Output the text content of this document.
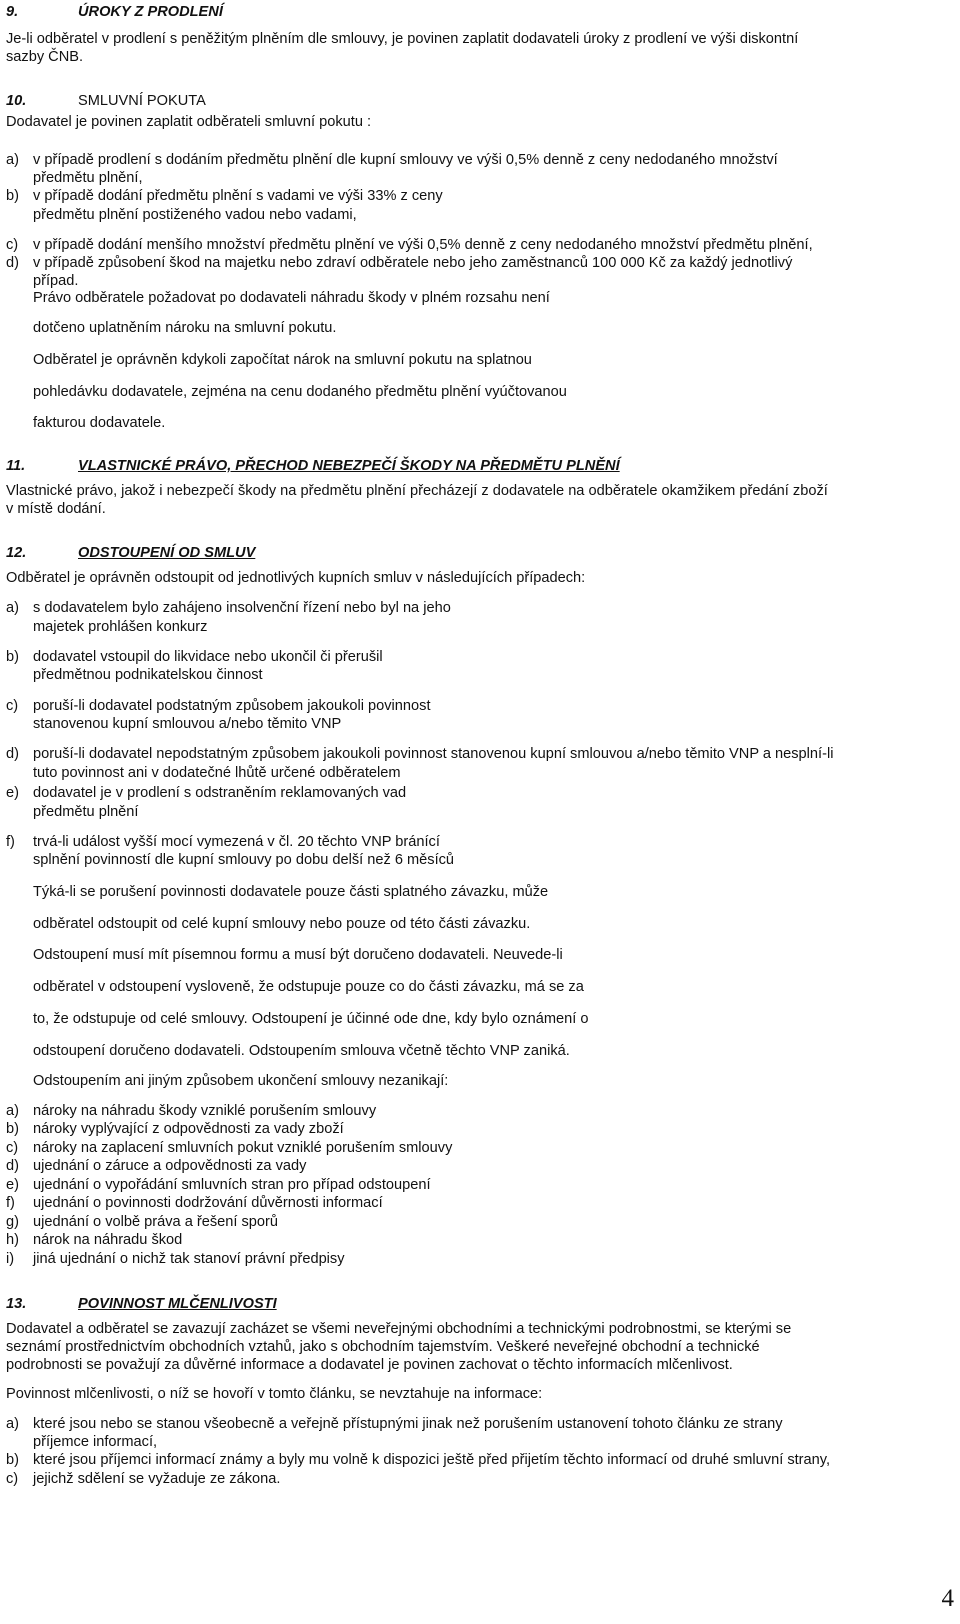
9.	ÚROKY Z PRODLENÍ
Je-li odběratel v prodlení s peněžitým plněním dle smlouvy, je povinen zaplatit dodavateli úroky z prodlení ve výši diskontní
sazby ČNB.
10.	SMLUVNÍ POKUTA
Dodavatel je povinen zaplatit odběrateli smluvní pokutu :
a) v případě prodlení s dodáním předmětu plnění dle kupní smlouvy ve výši 0,5% denně z ceny nedodaného množství
předmětu plnění,
b) v případě dodání předmětu plnění s vadami ve výši 33% z ceny
předmětu plnění postiženého vadou nebo vadami,
c) v případě dodání menšího množství předmětu plnění ve výši 0,5% denně z ceny nedodaného množství předmětu plnění,
d) v případě způsobení škod na majetku nebo zdraví odběratele nebo jeho zaměstnanců 100 000 Kč za každý jednotlivý
případ.
Právo odběratele požadovat po dodavateli náhradu škody v plném rozsahu není
dotčeno uplatněním nároku na smluvní pokutu.
Odběratel je oprávněn kdykoli započítat nárok na smluvní pokutu na splatnou
pohledávku dodavatele, zejména na cenu dodaného předmětu plnění vyúčtovanou
fakturou dodavatele.
11.	VLASTNICKÉ PRÁVO, PŘECHOD NEBEZPEČÍ ŠKODY NA PŘEDMĚTU PLNĚNÍ
Vlastnické právo, jakož i nebezpečí škody na předmětu plnění přecházejí z dodavatele na odběratele okamžikem předání zboží
v místě dodání.
12.	ODSTOUPENÍ OD SMLUV
Odběratel je oprávněn odstoupit od jednotlivých kupních smluv v následujících případech:
a) s dodavatelem bylo zahájeno insolvenční řízení nebo byl na jeho
majetek prohlášen konkurz
b) dodavatel vstoupil do likvidace nebo ukončil či přerušil
předmětnou podnikatelskou činnost
c) poruší-li dodavatel podstatným způsobem jakoukoli povinnost
stanovenou kupní smlouvou a/nebo těmito VNP
d) poruší-li dodavatel nepodstatným způsobem jakoukoli povinnost stanovenou kupní smlouvou a/nebo těmito VNP a nesplní-li
tuto povinnost ani v dodatečné lhůtě určené odběratelem
e) dodavatel je v prodlení s odstraněním reklamovaných vad
předmětu plnění
f) trvá-li událost vyšší mocí vymezená v čl. 20 těchto VNP bránící
splnění povinností dle kupní smlouvy po dobu delší než 6 měsíců
Týká-li se porušení povinnosti dodavatele pouze části splatného závazku, může
odběratel odstoupit od celé kupní smlouvy nebo pouze od této části závazku.
Odstoupení musí mít písemnou formu a musí být doručeno dodavateli. Neuvede-li
odběratel v odstoupení vysloveně, že odstupuje pouze co do části závazku, má se za
to, že odstupuje od celé smlouvy. Odstoupení je účinné ode dne, kdy bylo oznámení o
odstoupení doručeno dodavateli. Odstoupením smlouva včetně těchto VNP zaniká.
Odstoupením ani jiným způsobem ukončení smlouvy nezanikají:
a) nároky na náhradu škody vzniklé porušením smlouvy
b) nároky vyplývající z odpovědnosti za vady zboží
c) nároky na zaplacení smluvních pokut vzniklé porušením smlouvy
d) ujednání o záruce a odpovědnosti za vady
e) ujednání o vypořádání smluvních stran pro případ odstoupení
f) ujednání o povinnosti dodržování důvěrnosti informací
g) ujednání o volbě práva a řešení sporů
h) nárok na náhradu škod
i) jiná ujednání o nichž tak stanoví právní předpisy
13.	POVINNOST MLČENLIVOSTI
Dodavatel a odběratel se zavazují zacházet se všemi neveřejnými obchodními a technickými podrobnostmi, se kterými se
seznámí prostřednictvím obchodních vztahů, jako s obchodním tajemstvím. Veškeré neveřejné obchodní a technické
podrobnosti se považují za důvěrné informace a dodavatel je povinen zachovat o těchto informacích mlčenlivost.
Povinnost mlčenlivosti, o níž se hovoří v tomto článku, se nevztahuje na informace:
a) které jsou nebo se stanou všeobecně a veřejně přístupnými jinak než porušením ustanovení tohoto článku ze strany
příjemce informací,
b) které jsou příjemci informací známy a byly mu volně k dispozici ještě před přijetím těchto informací od druhé smluvní strany,
c) jejichž sdělení se vyžaduje ze zákona.
4
